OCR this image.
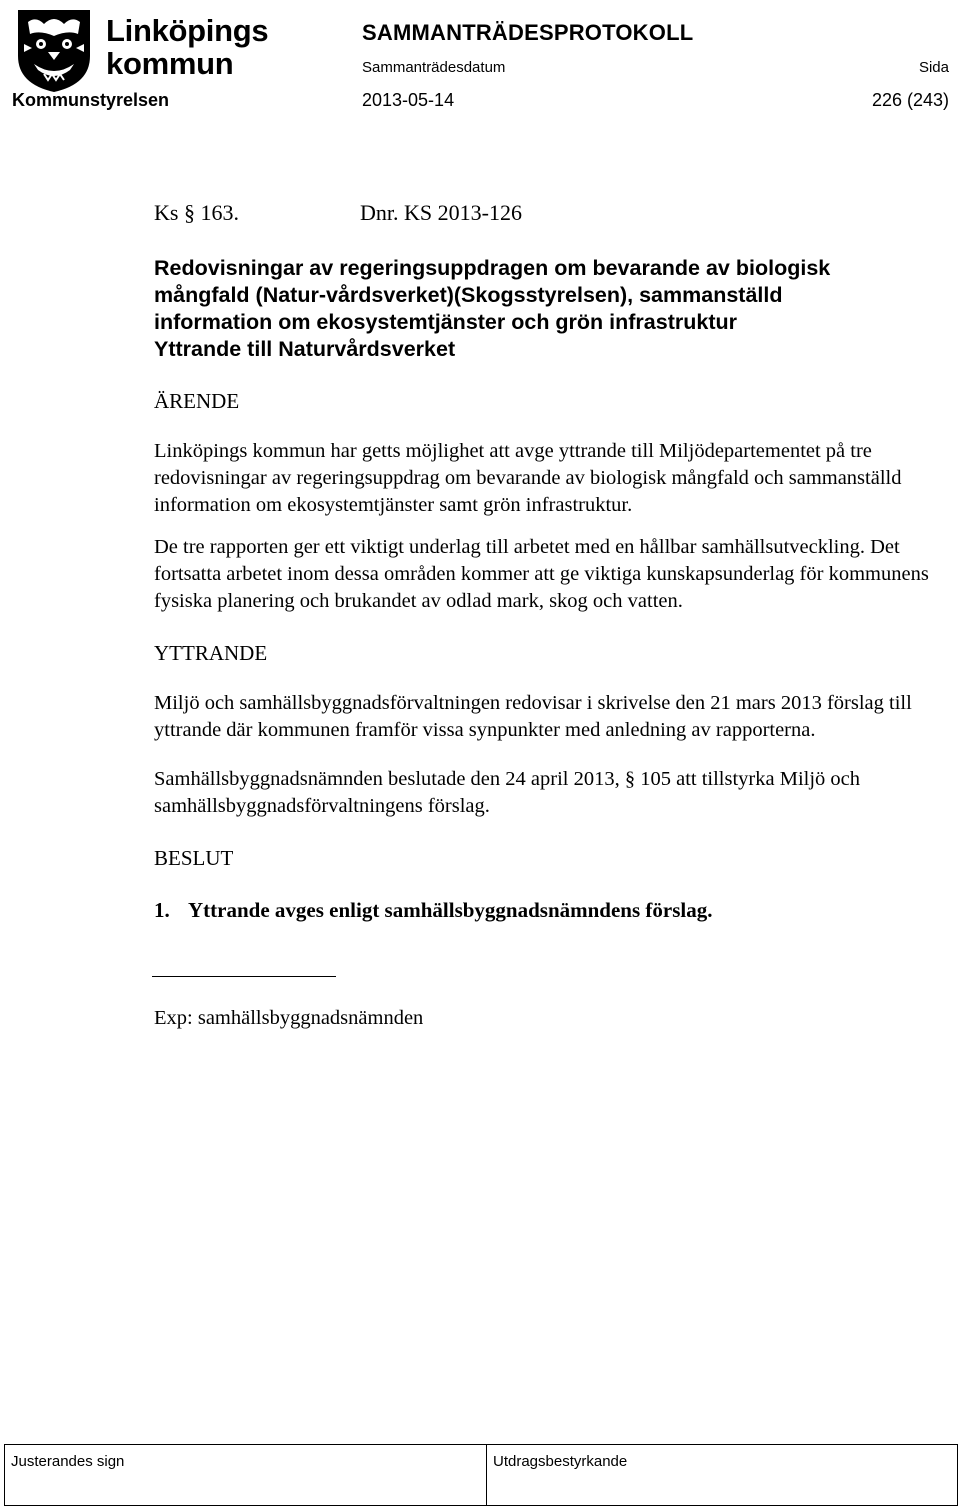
Linköpings
kommun
SAMMANTRÄDESPROTOKOLL
Sammanträdesdatum	Sida
Kommunstyrelsen	2013-05-14	226 (243)
Ks § 163.	Dnr. KS 2013-126
Redovisningar av regeringsuppdragen om bevarande av biologisk
mångfald (Natur-vårdsverket)(Skogsstyrelsen), sammanställd
information om ekosystemtjänster och grön infrastruktur
Yttrande till Naturvårdsverket
ÄRENDE

Linköpings kommun har getts möjlighet att avge yttrande till Miljödepartementet på tre redovisningar av regeringsuppdrag om bevarande av biologisk mångfald och sammanställd information om ekosystemtjänster samt grön infrastruktur.

De tre rapporten ger ett viktigt underlag till arbetet med en hållbar samhällsutveckling. Det fortsatta arbetet inom dessa områden kommer att ge viktiga kunskapsunderlag för kommunens fysiska planering och brukandet av odlad mark, skog och vatten.

YTTRANDE

Miljö och samhällsbyggnadsförvaltningen redovisar i skrivelse den 21 mars 2013 förslag till yttrande där kommunen framför vissa synpunkter med anledning av rapporterna.

Samhällsbyggnadsnämnden beslutade den 24 april 2013, § 105 att tillstyrka Miljö och samhällsbyggnadsförvaltningens förslag.

BESLUT
1. Yttrande avges enligt samhällsbyggnadsnämndens förslag.
Exp: samhällsbyggnadsnämnden
Justerandes sign	Utdragsbestyrkande
